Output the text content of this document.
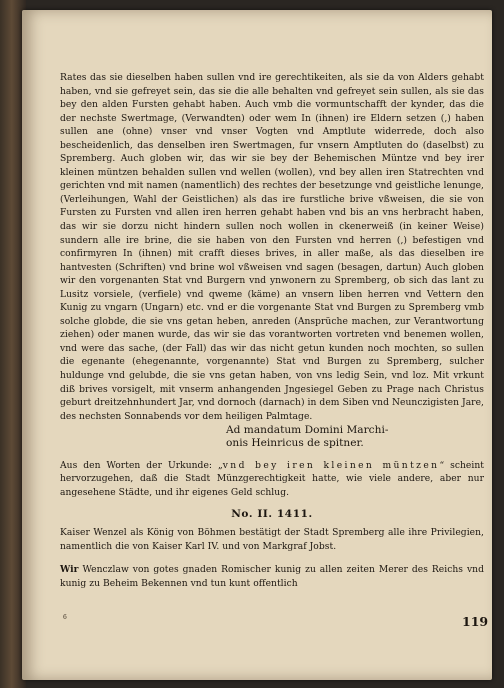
Rates das sie dieselben haben sullen vnd ire gerechtikeiten, als sie da von Alders gehabt haben, vnd sie gefreyet sein, das sie die alle behalten vnd gefreyet sein sullen, als sie das bey den alden Fursten gehabt haben. Auch vmb die vormuntschafft der kynder, das die der nechste Swertmage, (Verwandten) oder wem In (ihnen) ire Eldern setzen (,) haben sullen ane (ohne) vnser vnd vnser Vogten vnd Amptlute widerrede, doch also bescheidenlich, das denselben iren Swertmagen, fur vnsern Amptluten do (daselbst) zu Spremberg. Auch globen wir, das wir sie bey der Behemischen Müntze vnd bey irer kleinen müntzen behalden sullen vnd wellen (wollen), vnd bey allen iren Statrechten vnd gerichten vnd mit namen (namentlich) des rechtes der besetzunge vnd geistliche lenunge, (Verleihungen, Wahl der Geistlichen) als das ire furstliche brive vßweisen, die sie von Fursten zu Fursten vnd allen iren herren gehabt haben vnd bis an vns herbracht haben, das wir sie dorzu nicht hindern sullen noch wollen in ckenerweiß (in keiner Weise) sundern alle ire brine, die sie haben von den Fursten vnd herren (,) befestigen vnd confirmyren In (ihnen) mit crafft dieses brives, in aller maße, als das dieselben ire hantvesten (Schriften) vnd brine wol vßweisen vnd sagen (besagen, dartun) Auch globen wir den vorgenanten Stat vnd Burgern vnd ynwonern zu Spremberg, ob sich das lant zu Lusitz vorsiele, (verfiele) vnd qweme (käme) an vnsern liben herren vnd Vettern den Kunig zu vngarn (Ungarn) etc. vnd er die vorgenante Stat vnd Burgen zu Spremberg vmb solche globde, die sie vns getan heben, anreden (Ansprüche machen, zur Verantwortung ziehen) oder manen wurde, das wir sie das vorantworten vortreten vnd benemen wollen, vnd were das sache, (der Fall) das wir das nicht getun kunden noch mochten, so sullen die egenante (ehegenannte, vorgenannte) Stat vnd Burgen zu Spremberg, sulcher huldunge vnd gelubde, die sie vns getan haben, von vns ledig Sein, vnd loz. Mit vrkunt diß brives vorsigelt, mit vnserm anhangenden Jngesiegel Geben zu Prage nach Christus geburt dreitzehnhundert Jar, vnd dornoch (darnach) in dem Siben vnd Neunczigisten Jare, des nechsten Sonnabends vor dem heiligen Palmtage.

Ad mandatum Domini Marchi-
onis Heinricus de spitner.

Aus den Worten der Urkunde: „vnd bey iren kleinen müntzen“ scheint hervorzugehen, daß die Stadt Münzgerechtigkeit hatte, wie viele andere, aber nur angesehene Städte, und ihr eigenes Geld schlug.

No. II. 1411.

Kaiser Wenzel als König von Böhmen bestätigt der Stadt Spremberg alle ihre Privilegien, namentlich die von Kaiser Karl IV. und von Markgraf Jobst.

Wir Wenczlaw von gotes gnaden Romischer kunig zu allen zeiten Merer des Reichs vnd kunig zu Beheim Bekennen vnd tun kunt offentlich

6	119
